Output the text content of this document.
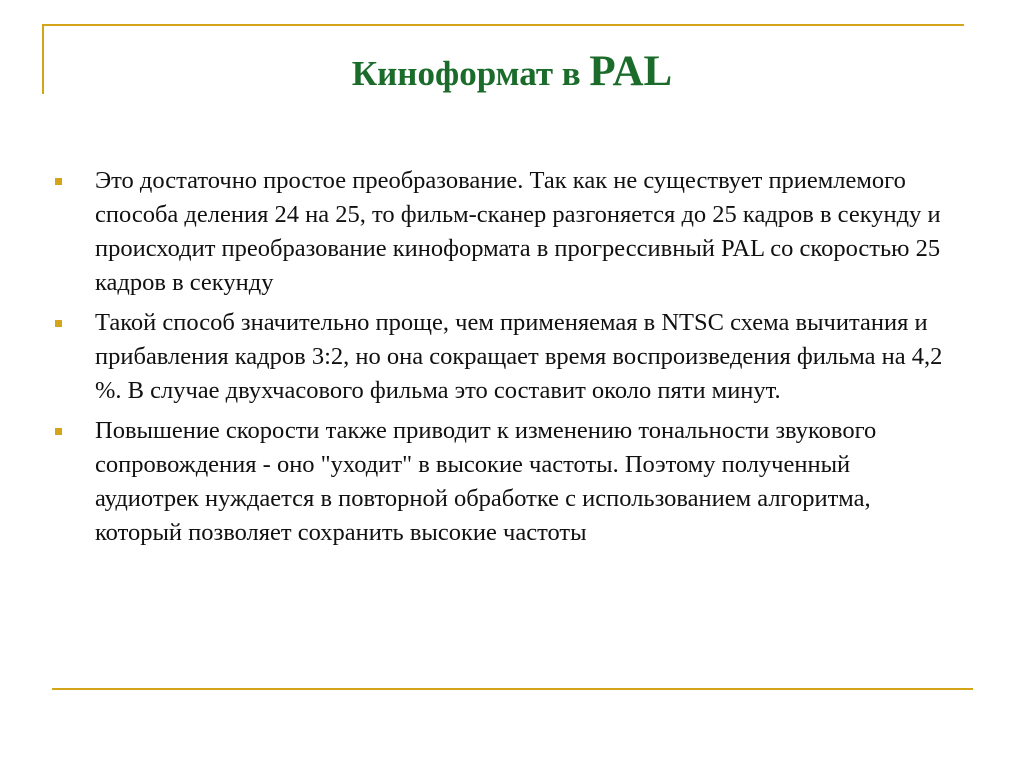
Киноформат в PAL
Это достаточно простое преобразование. Так как не существует приемлемого способа деления 24 на 25, то фильм-сканер разгоняется до 25 кадров в секунду и происходит преобразование киноформата в прогрессивный PAL со скоростью 25 кадров в секунду
Такой способ значительно проще, чем применяемая в NTSC схема вычитания и прибавления кадров 3:2, но она сокращает время воспроизведения фильма на 4,2 %. В случае двухчасового фильма это составит около пяти минут.
Повышение скорости также приводит к изменению тональности звукового сопровождения - оно "уходит" в высокие частоты. Поэтому полученный аудиотрек нуждается в повторной обработке с использованием алгоритма, который позволяет сохранить высокие частоты
